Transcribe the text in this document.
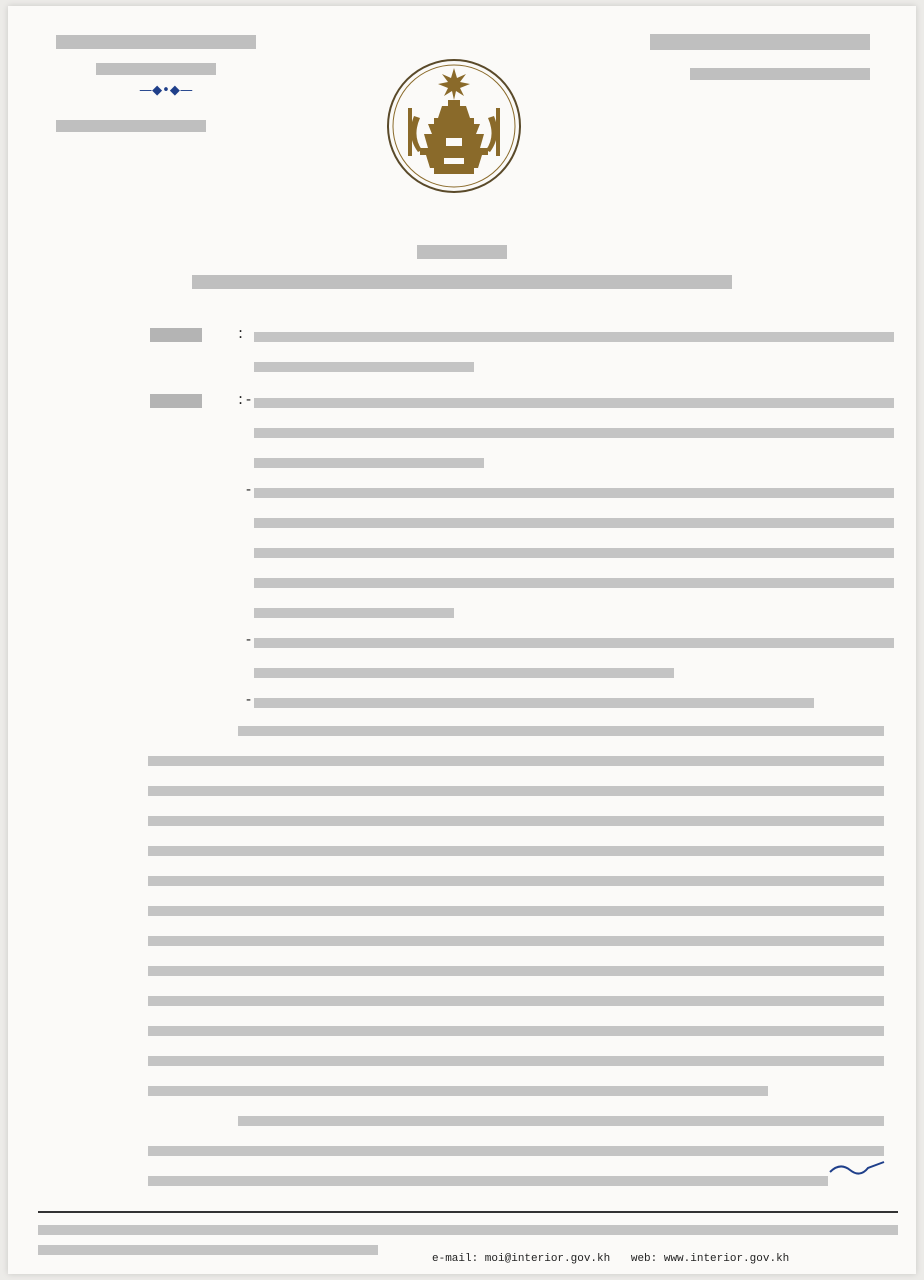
—◆•◆—

:
: -
-
-
-
e-mail: moi@interior.gov.kh web: www.interior.gov.kh
